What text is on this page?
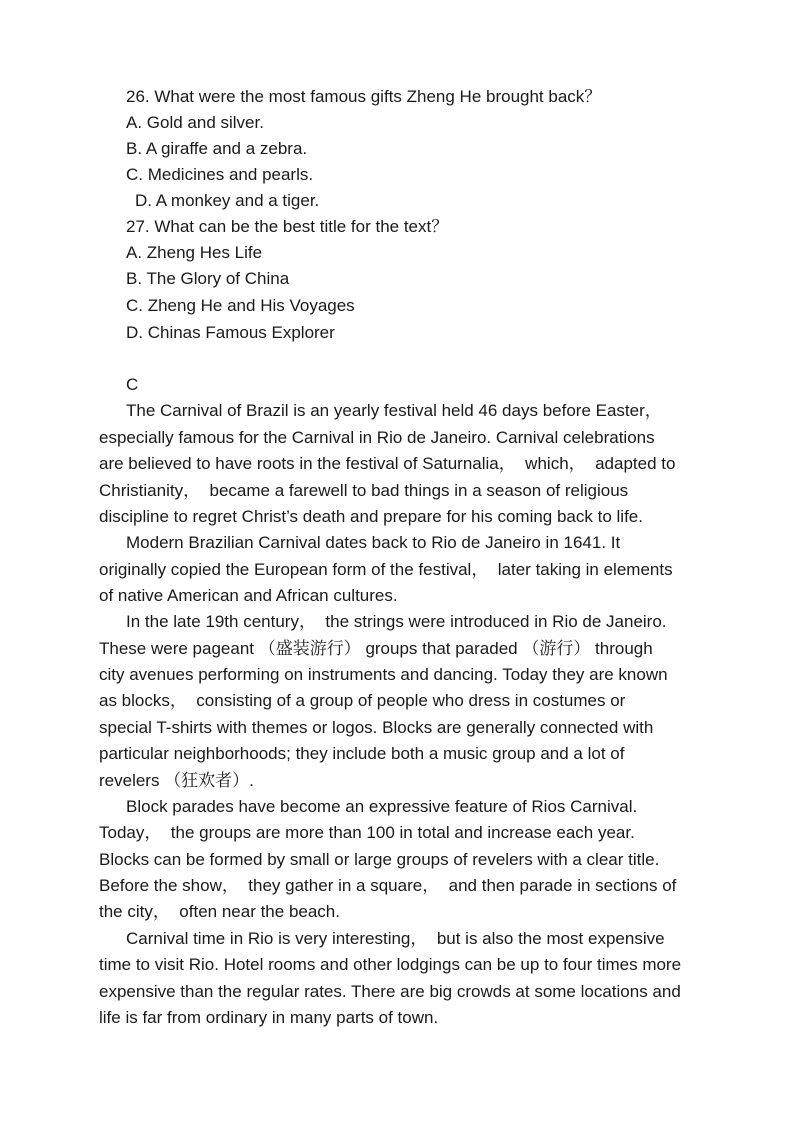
26. What were the most famous gifts Zheng He brought back？
A. Gold and silver.
B. A giraffe and a zebra.
C. Medicines and pearls.
D. A monkey and a tiger.
27. What can be the best title for the text？
A. Zheng Hes Life
B. The Glory of China
C. Zheng He and His Voyages
D. Chinas Famous Explorer
C
The Carnival of Brazil is an yearly festival held 46 days before Easter，
especially famous for the Carnival in Rio de Janeiro. Carnival celebrations
are believed to have roots in the festival of Saturnalia，  which，  adapted to
Christianity，  became a farewell to bad things in a season of religious
discipline to regret Christ’s death and prepare for his coming back to life.
Modern Brazilian Carnival dates back to Rio de Janeiro in 1641. It
originally copied the European form of the festival，  later taking in elements
of native American and African cultures.
In the late 19th century，  the strings were introduced in Rio de Janeiro.
These were pageant （盛装游行） groups that paraded （游行） through
city avenues performing on instruments and dancing. Today they are known
as blocks，  consisting of a group of people who dress in costumes or
special T-shirts with themes or logos. Blocks are generally connected with
particular neighborhoods; they include both a music group and a lot of
revelers （狂欢者）.
Block parades have become an expressive feature of Rios Carnival.
Today，  the groups are more than 100 in total and increase each year.
Blocks can be formed by small or large groups of revelers with a clear title.
Before the show，  they gather in a square，  and then parade in sections of
the city，  often near the beach.
Carnival time in Rio is very interesting，  but is also the most expensive
time to visit Rio. Hotel rooms and other lodgings can be up to four times more
expensive than the regular rates. There are big crowds at some locations and
life is far from ordinary in many parts of town.
